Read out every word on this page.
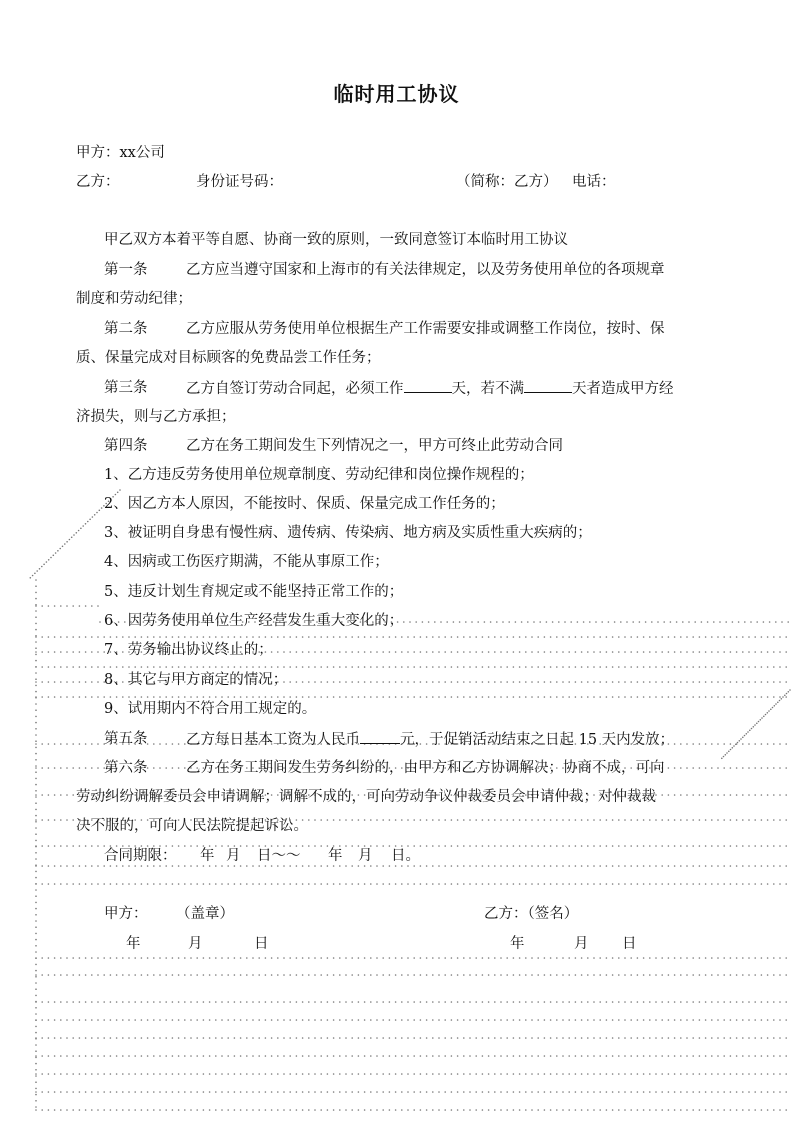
临时用工协议
甲方：xx公司
乙方：	身份证号码：	（简称：乙方） 电话：
甲乙双方本着平等自愿、协商一致的原则，一致同意签订本临时用工协议
第一条	乙方应当遵守国家和上海市的有关法律规定，以及劳务使用单位的各项规章
制度和劳动纪律；
第二条	乙方应服从劳务使用单位根据生产工作需要安排或调整工作岗位，按时、保
质、保量完成对目标顾客的免费品尝工作任务；
第三条	乙方自签订劳动合同起，必须工作	天，若不满	天者造成甲方经
济损失，则与乙方承担；
第四条	乙方在务工期间发生下列情况之一，甲方可终止此劳动合同
1、乙方违反劳务使用单位规章制度、劳动纪律和岗位操作规程的；
2、因乙方本人原因，不能按时、保质、保量完成工作任务的；
3、被证明自身患有慢性病、遗传病、传染病、地方病及实质性重大疾病的；
4、因病或工伤医疗期满，不能从事原工作；
5、违反计划生育规定或不能坚持正常工作的；
6、因劳务使用单位生产经营发生重大变化的；
7、劳务输出协议终止的；
8、其它与甲方商定的情况；
9、试用期内不符合用工规定的。
第五条	乙方每日基本工资为人民币	元，于促销活动结束之日起 15 天内发放；
第六条	乙方在务工期间发生劳务纠纷的，由甲方和乙方协调解决；协商不成，可向
劳动纠纷调解委员会申请调解；调解不成的，可向劳动争议仲裁委员会申请仲裁；对仲裁裁
决不服的，可向人民法院提起诉讼。
合同期限： 年 月 日～～ 年 月 日。
甲方： （盖章）	乙方：（签名）
年	月	日	年	月 日
